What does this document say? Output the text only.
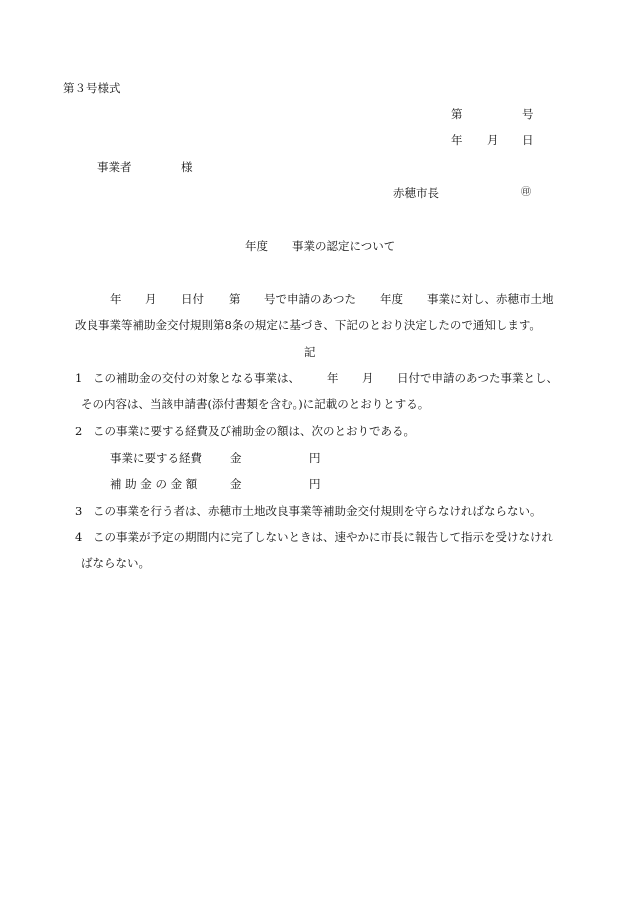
第３号様式
第	号
年 月 日
事業者	様
赤穂市長	㊞
年度 事業の認定について
年 月 日付 第 号で申請のあつた 年度 事業に対し、赤穂市土地
改良事業等補助金交付規則第8条の規定に基づき、下記のとおり決定したので通知します。
記
1 この補助金の交付の対象となる事業は、 年 月 日付で申請のあつた事業とし、
その内容は、当該申請書(添付書類を含む。)に記載のとおりとする。
2 この事業に要する経費及び補助金の額は、次のとおりである。
事業に要する経費 金	円
補 助 金 の 金 額	金	円
3 この事業を行う者は、赤穂市土地改良事業等補助金交付規則を守らなければならない。
4 この事業が予定の期間内に完了しないときは、速やかに市長に報告して指示を受けなけれ
ばならない。
